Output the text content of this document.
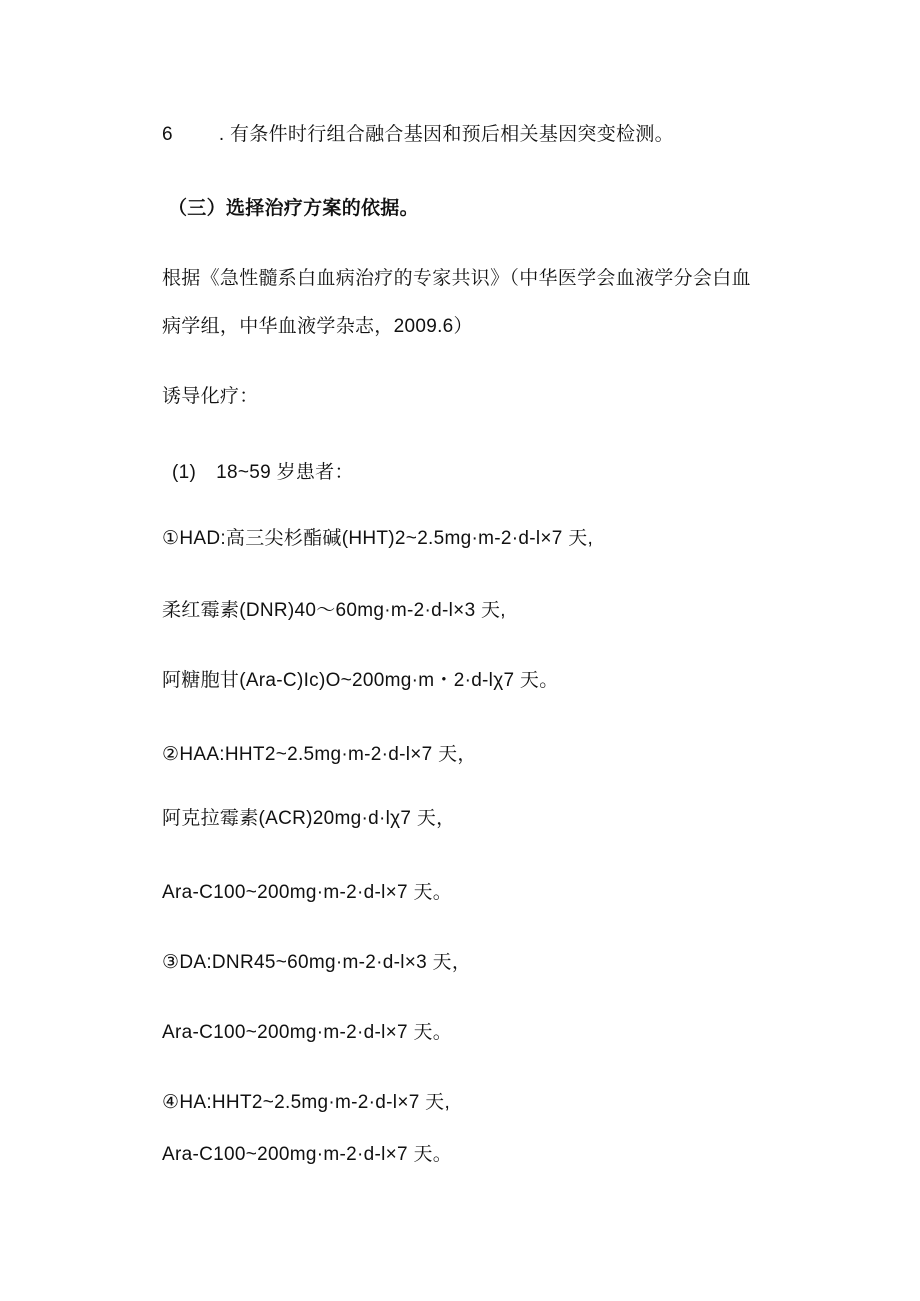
6 . 有条件时行组合融合基因和预后相关基因突变检测。
（三）选择治疗方案的依据。
根据《急性髓系白血病治疗的专家共识》（中华医学会血液学分会白血
病学组，中华血液学杂志，2009.6）
诱导化疗：
(1) 18~59 岁患者：
①HAD:高三尖杉酯碱(HHT)2~2.5mg·m-2·d-l×7 天,
柔红霉素(DNR)40～60mg·m-2·d-l×3 天,
阿糖胞甘(Ara-C)Ic)O~200mg·m・2·d-lχ7 天。
②HAA:HHT2~2.5mg·m-2·d-l×7 天，
阿克拉霉素(ACR)20mg·d·lχ7 天，
Ara-C100~200mg·m-2·d-l×7 天。
③DA:DNR45~60mg·m-2·d-l×3 天，
Ara-C100~200mg·m-2·d-l×7 天。
④HA:HHT2~2.5mg·m-2·d-l×7 天,
Ara-C100~200mg·m-2·d-l×7 天。
